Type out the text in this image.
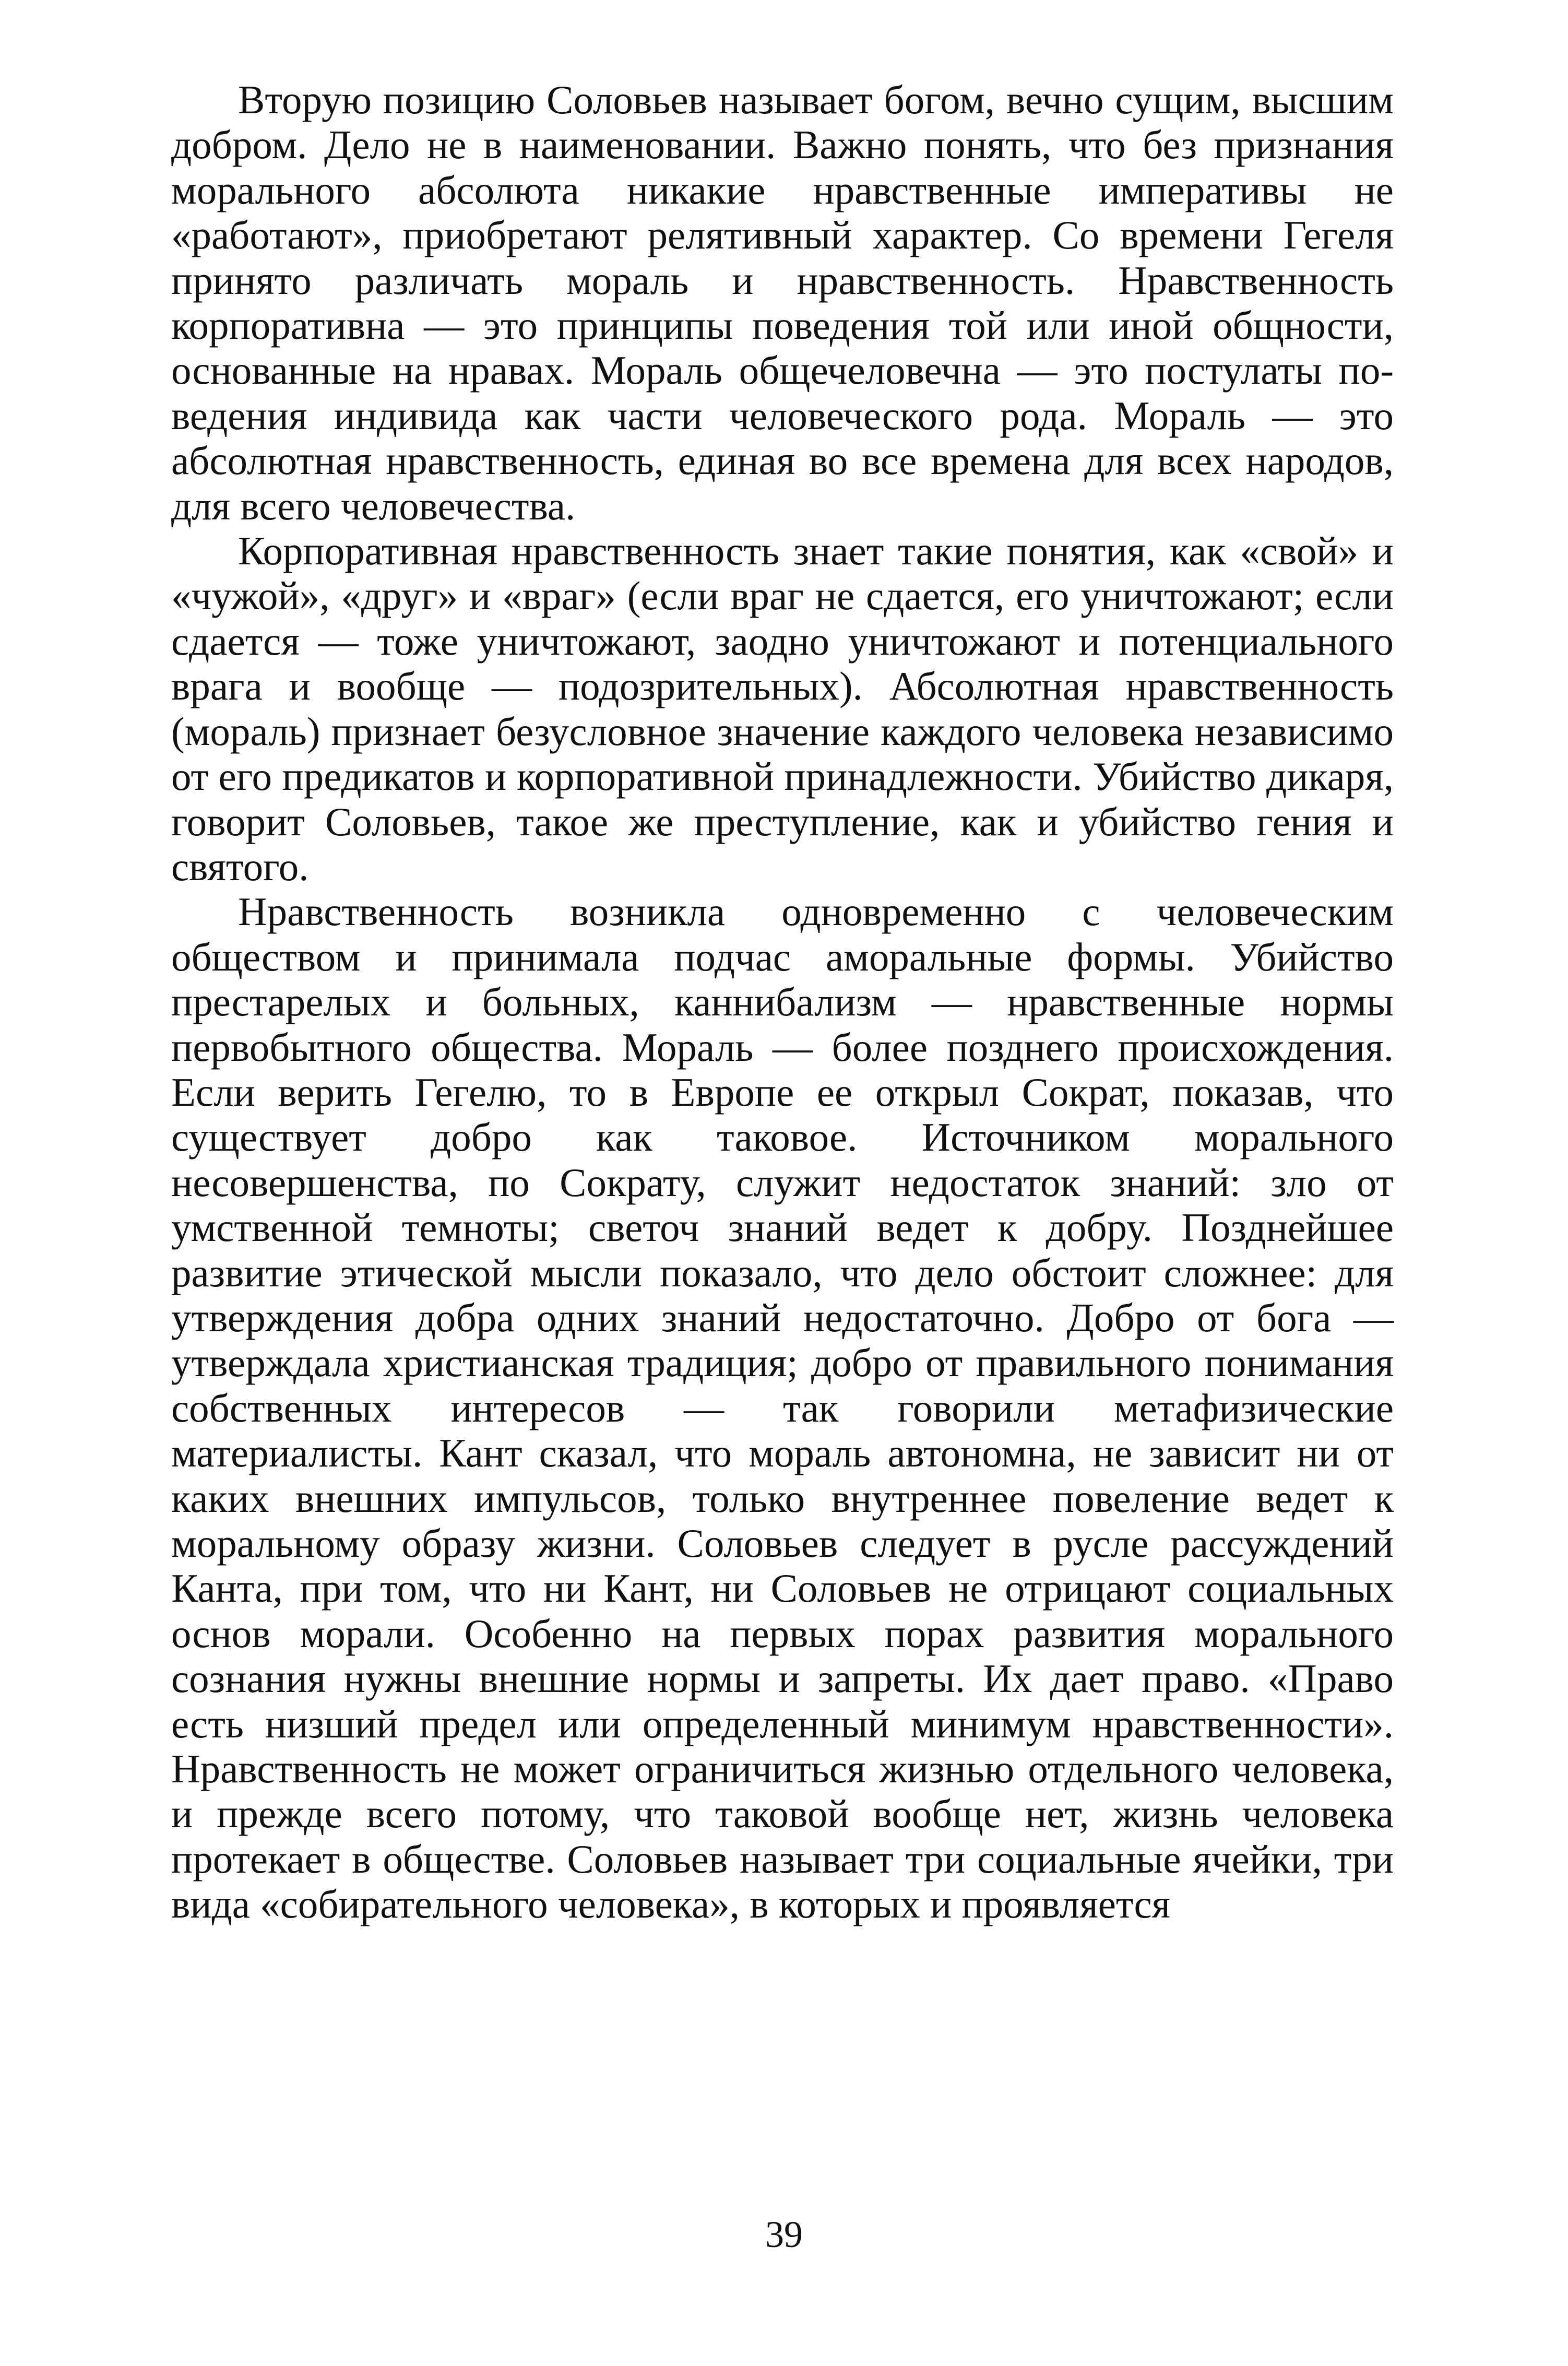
Вторую позицию Соловьев называет богом, вечно сущим, высшим добром. Дело не в наименовании. Важно понять, что без признания морального абсолюта никакие нравственные императивы не «работают», приобретают релятивный характер. Со времени Гегеля принято различать мораль и нравственность. Нравственность корпоративна — это принципы поведения той или иной общности, основанные на нравах. Мораль общечеловечна — это постулаты поведения индивида как части человеческого рода. Мораль — это абсолютная нравственность, единая во все времена для всех народов, для всего человечества.

Корпоративная нравственность знает такие понятия, как «свой» и «чужой», «друг» и «враг» (если враг не сдается, его уничтожают; если сдается — тоже уничтожают, заодно уничтожают и потенциального врага и вообще — подозрительных). Абсолютная нравственность (мораль) признает безусловное значение каждого человека независимо от его предикатов и корпоративной принадлежности. Убийство дикаря, говорит Соловьев, такое же преступление, как и убийство гения и святого.

Нравственность возникла одновременно с человеческим обществом и принимала подчас аморальные формы. Убийство престарелых и больных, каннибализм — нравственные нормы первобытного общества. Мораль — более позднего происхождения. Если верить Гегелю, то в Европе ее открыл Сократ, показав, что существует добро как таковое. Источником морального несовершенства, по Сократу, служит недостаток знаний: зло от умственной темноты; светоч знаний ведет к добру. Позднейшее развитие этической мысли показало, что дело обстоит сложнее: для утверждения добра одних знаний недостаточно. Добро от бога — утверждала христианская традиция; добро от правильного понимания собственных интересов — так говорили метафизические материалисты. Кант сказал, что мораль автономна, не зависит ни от каких внешних импульсов, только внутреннее повеление ведет к моральному образу жизни. Соловьев следует в русле рассуждений Канта, при том, что ни Кант, ни Соловьев не отрицают социальных основ морали. Особенно на первых порах развития морального сознания нужны внешние нормы и запреты. Их дает право. «Право есть низший предел или определенный минимум нравственности». Нравственность не может ограничиться жизнью отдельного человека, и прежде всего потому, что таковой вообще нет, жизнь человека протекает в обществе. Соловьев называет три социальные ячейки, три вида «собирательного человека», в которых и проявляется

39
